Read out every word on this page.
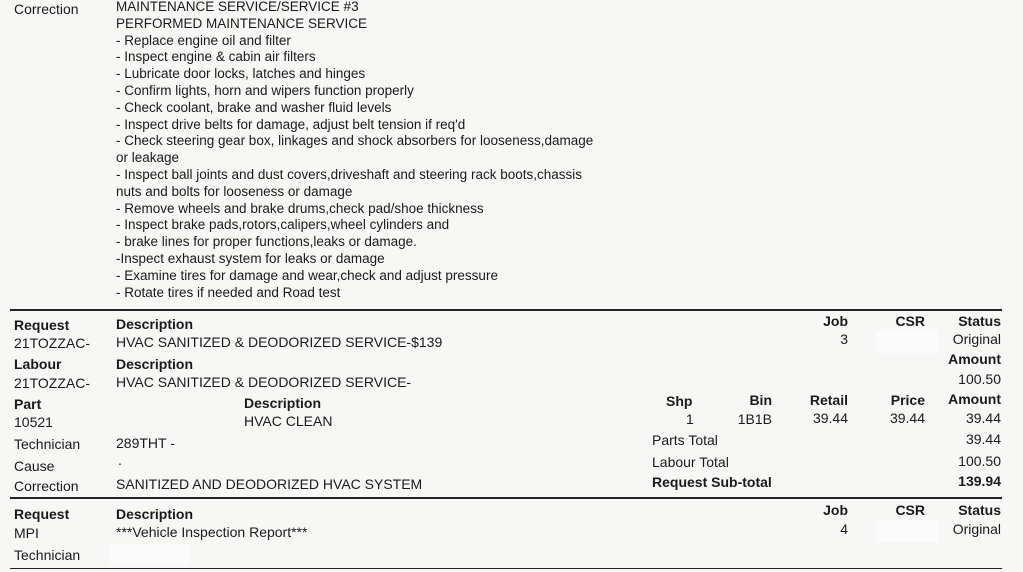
Correction	MAINTENANCE SERVICE/SERVICE #3
PERFORMED MAINTENANCE SERVICE
- Replace engine oil and filter
- Inspect engine & cabin air filters
- Lubricate door locks, latches and hinges
- Confirm lights, horn and wipers function properly
- Check coolant, brake and washer fluid levels
- Inspect drive belts for damage, adjust belt tension if req'd
- Check steering gear box, linkages and shock absorbers for looseness,damage
or leakage
- Inspect ball joints and dust covers,driveshaft and steering rack boots,chassis
nuts and bolts for looseness or damage
- Remove wheels and brake drums,check pad/shoe thickness
- Inspect brake pads,rotors,calipers,wheel cylinders and
- brake lines for proper functions,leaks or damage.
-Inspect exhaust system for leaks or damage
- Examine tires for damage and wear,check and adjust pressure
- Rotate tires if needed and Road test
Request	Description	Job	CSR	Status
21TOZZAC- HVAC SANITIZED & DEODORIZED SERVICE-$139	3	Original
Labour	Description	Amount
21TOZZAC- HVAC SANITIZED & DEODORIZED SERVICE-	100.50
Part	Description	Shp	Bin	Retail	Price	Amount
10521	HVAC CLEAN	1	1B1B	39.44	39.44	39.44
Technician	289THT -	Parts Total	39.44
Cause	.	Labour Total	100.50
Correction	SANITIZED AND DEODORIZED HVAC SYSTEM	Request Sub-total	139.94
Request	Description	Job	CSR	Status
MPI	***Vehicle Inspection Report***	4	Original
Technician
